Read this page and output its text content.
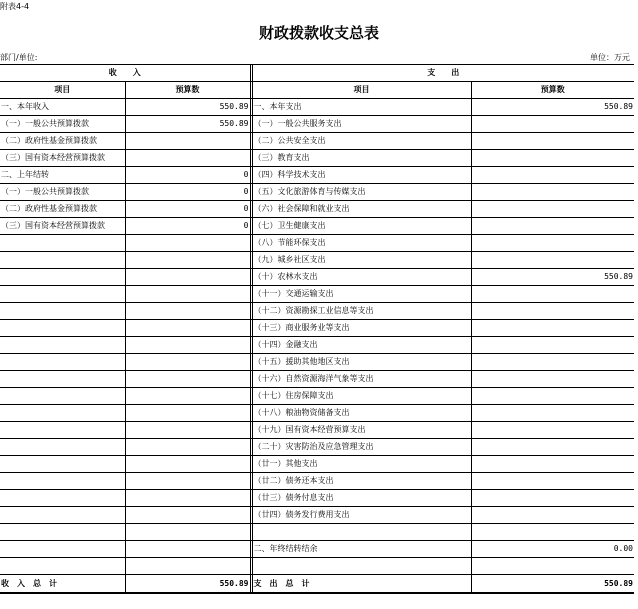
附表4-4
财政拨款收支总表
部门/单位:	单位：万元
收　　入			支　　出	
项目	预算数		项目	预算数
一、本年收入	550.89		一、本年支出	550.89
（一）一般公共预算拨款	550.89		（一）一般公共服务支出	
（二）政府性基金预算拨款			（二）公共安全支出	
（三）国有资本经营预算拨款			（三）教育支出	
二、上年结转	0		（四）科学技术支出	
（一）一般公共预算拨款	0		（五）文化旅游体育与传媒支出	
（二）政府性基金预算拨款	0		（六）社会保障和就业支出	
（三）国有资本经营预算拨款	0		（七）卫生健康支出	
			（八）节能环保支出	
			（九）城乡社区支出	
			（十）农林水支出	550.89
			（十一）交通运输支出	
			（十二）资源勘探工业信息等支出	
			（十三）商业服务业等支出	
			（十四）金融支出	
			（十五）援助其他地区支出	
			（十六）自然资源海洋气象等支出	
			（十七）住房保障支出	
			（十八）粮油物资储备支出	
			（十九）国有资本经营预算支出	
			（二十）灾害防治及应急管理支出	
			（廿一）其他支出	
			（廿二）债务还本支出	
			（廿三）债务付息支出	
			（廿四）债务发行费用支出	

			二、年终结转结余	0.00

收　入　总　计	550.89		支　出　总　计	550.89
